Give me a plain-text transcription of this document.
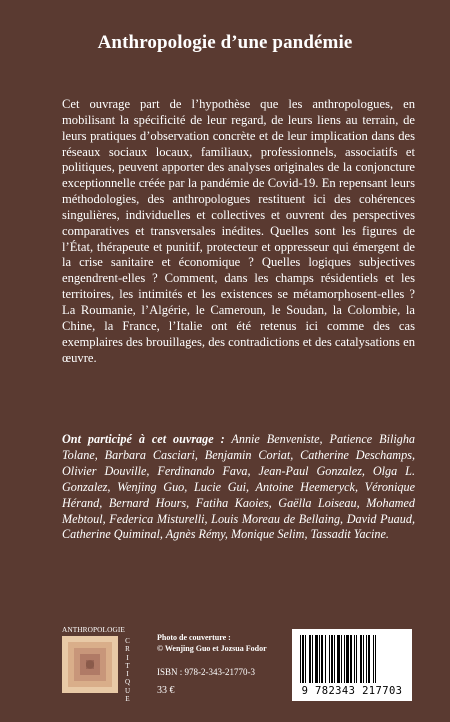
Anthropologie d’une pandémie
Cet ouvrage part de l’hypothèse que les anthropologues, en mobilisant la spécificité de leur regard, de leurs liens au terrain, de leurs pratiques d’observation concrète et de leur implication dans des réseaux sociaux locaux, familiaux, professionnels, associatifs et politiques, peuvent apporter des analyses originales de la conjoncture exceptionnelle créée par la pandémie de Covid-19. En repensant leurs méthodologies, des anthropologues restituent ici des cohérences singulières, individuelles et collectives et ouvrent des perspectives comparatives et transversales inédites. Quelles sont les figures de l’État, thérapeute et punitif, protecteur et oppresseur qui émergent de la crise sanitaire et économique ? Quelles logiques subjectives engendrent-elles ? Comment, dans les champs résidentiels et les territoires, les intimités et les existences se métamorphosent-elles ? La Roumanie, l’Algérie, le Cameroun, le Soudan, la Colombie, la Chine, la France, l’Italie ont été retenus ici comme des cas exemplaires des brouillages, des contradictions et des catalysations en œuvre.
Ont participé à cet ouvrage : Annie Benveniste, Patience Biligha Tolane, Barbara Casciari, Benjamin Coriat, Catherine Deschamps, Olivier Douville, Ferdinando Fava, Jean-Paul Gonzalez, Olga L. Gonzalez, Wenjing Guo, Lucie Gui, Antoine Heemeryck, Véronique Hérand, Bernard Hours, Fatiha Kaoies, Gaëlla Loiseau, Mohamed Mebtoul, Federica Misturelli, Louis Moreau de Bellaing, David Puaud, Catherine Quiminal, Agnès Rémy, Monique Selim, Tassadit Yacine.
ANTHROPOLOGIE
C
R
I
T
I
Q
U
E
Photo de couverture :
© Wenjing Guo et Jozsua Fodor
ISBN : 978-2-343-21770-3
33 €	9 782343 217703
